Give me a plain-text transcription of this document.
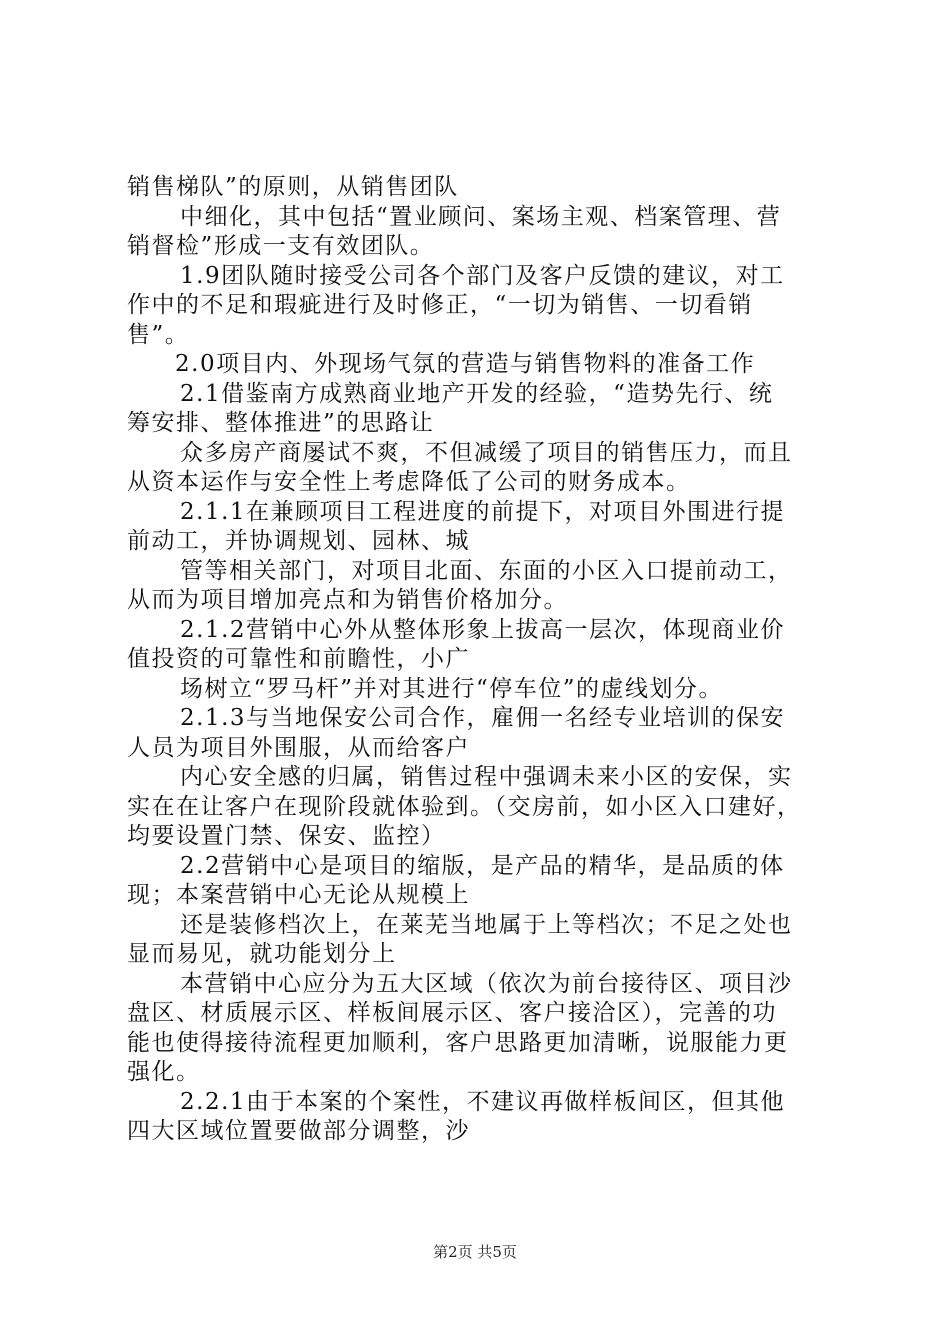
销售梯队”的原则，从销售团队
中细化，其中包括“置业顾问、案场主观、档案管理、营
销督检”形成一支有效团队。
1.9团队随时接受公司各个部门及客户反馈的建议，对工
作中的不足和瑕疵进行及时修正，“一切为销售、一切看销
售”。
2.0项目内、外现场气氛的营造与销售物料的准备工作
2.1借鉴南方成熟商业地产开发的经验，“造势先行、统
筹安排、整体推进”的思路让
众多房产商屡试不爽，不但减缓了项目的销售压力，而且
从资本运作与安全性上考虑降低了公司的财务成本。
2.1.1在兼顾项目工程进度的前提下，对项目外围进行提
前动工，并协调规划、园林、城
管等相关部门，对项目北面、东面的小区入口提前动工，
从而为项目增加亮点和为销售价格加分。
2.1.2营销中心外从整体形象上拔高一层次，体现商业价
值投资的可靠性和前瞻性，小广
场树立“罗马杆”并对其进行“停车位”的虚线划分。
2.1.3与当地保安公司合作，雇佣一名经专业培训的保安
人员为项目外围服，从而给客户
内心安全感的归属，销售过程中强调未来小区的安保，实
实在在让客户在现阶段就体验到。（交房前，如小区入口建好，
均要设置门禁、保安、监控）
2.2营销中心是项目的缩版，是产品的精华，是品质的体
现；本案营销中心无论从规模上
还是装修档次上，在莱芜当地属于上等档次；不足之处也
显而易见，就功能划分上
本营销中心应分为五大区域（依次为前台接待区、项目沙
盘区、材质展示区、样板间展示区、客户接洽区），完善的功
能也使得接待流程更加顺利，客户思路更加清晰，说服能力更
强化。
2.2.1由于本案的个案性，不建议再做样板间区，但其他
四大区域位置要做部分调整，沙
第2页 共5页
